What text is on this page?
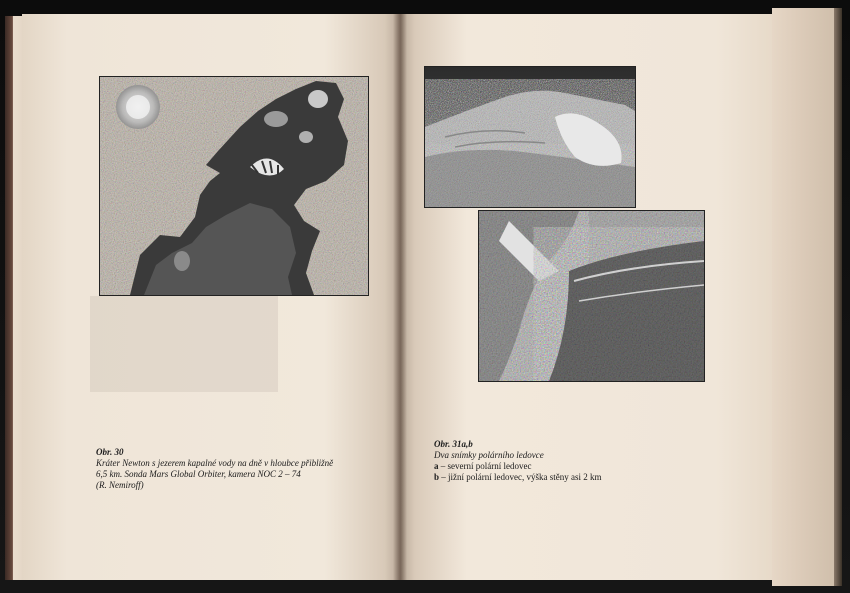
Obr. 30
Kráter Newton s jezerem kapalné vody na dně v hloubce přibližně
6,5 km. Sonda Mars Global Orbiter, kamera NOC 2 – 74
(R. Nemiroff)
Obr. 31a,b
Dva snímky polárního ledovce
a – severní polární ledovec
b – jižní polární ledovec, výška stěny asi 2 km
